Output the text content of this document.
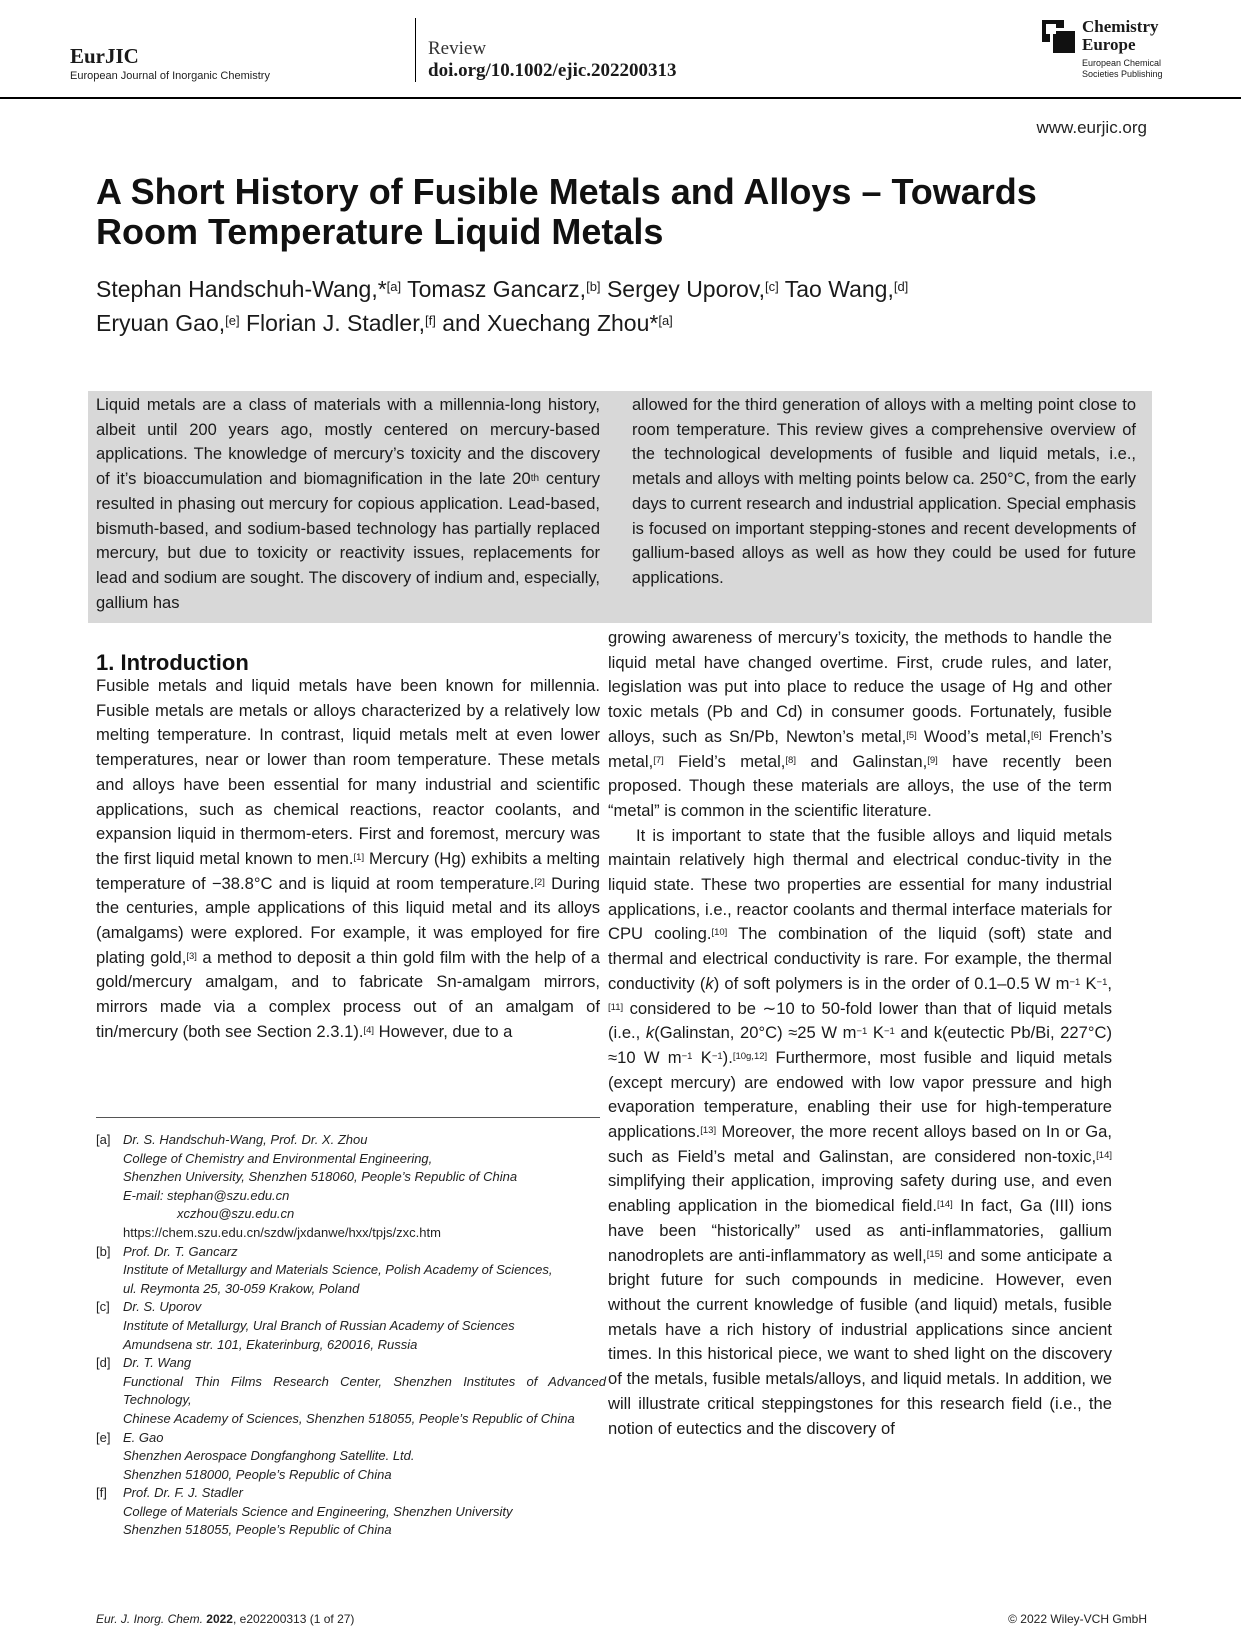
EurJIC
European Journal of Inorganic Chemistry
Review
doi.org/10.1002/ejic.202200313
Chemistry
Europe
European Chemical
Societies Publishing
www.eurjic.org
A Short History of Fusible Metals and Alloys – Towards
Room Temperature Liquid Metals
Stephan Handschuh-Wang,*[a] Tomasz Gancarz,[b] Sergey Uporov,[c] Tao Wang,[d]
Eryuan Gao,[e] Florian J. Stadler,[f] and Xuechang Zhou*[a]
Liquid metals are a class of materials with a millennia-long history, albeit until 200 years ago, mostly centered on mercury-based applications. The knowledge of mercury’s toxicity and the discovery of it’s bioaccumulation and biomagnification in the late 20th century resulted in phasing out mercury for copious application. Lead-based, bismuth-based, and sodium-based technology has partially replaced mercury, but due to toxicity or reactivity issues, replacements for lead and sodium are sought. The discovery of indium and, especially, gallium has
allowed for the third generation of alloys with a melting point close to room temperature. This review gives a comprehensive overview of the technological developments of fusible and liquid metals, i.e., metals and alloys with melting points below ca. 250°C, from the early days to current research and industrial application. Special emphasis is focused on important stepping-stones and recent developments of gallium-based alloys as well as how they could be used for future applications.
1. Introduction

Fusible metals and liquid metals have been known for millennia. Fusible metals are metals or alloys characterized by a relatively low melting temperature. In contrast, liquid metals melt at even lower temperatures, near or lower than room temperature. These metals and alloys have been essential for many industrial and scientific applications, such as chemical reactions, reactor coolants, and expansion liquid in thermom-eters. First and foremost, mercury was the first liquid metal known to men.[1] Mercury (Hg) exhibits a melting temperature of −38.8°C and is liquid at room temperature.[2] During the centuries, ample applications of this liquid metal and its alloys (amalgams) were explored. For example, it was employed for fire plating gold,[3] a method to deposit a thin gold film with the help of a gold/mercury amalgam, and to fabricate Sn-amalgam mirrors, mirrors made via a complex process out of an amalgam of tin/mercury (both see Section 2.3.1).[4] However, due to a

growing awareness of mercury’s toxicity, the methods to handle the liquid metal have changed overtime. First, crude rules, and later, legislation was put into place to reduce the usage of Hg and other toxic metals (Pb and Cd) in consumer goods. Fortunately, fusible alloys, such as Sn/Pb, Newton’s metal,[5] Wood’s metal,[6] French’s metal,[7] Field’s metal,[8] and Galinstan,[9] have recently been proposed. Though these materials are alloys, the use of the term “metal” is common in the scientific literature.

It is important to state that the fusible alloys and liquid metals maintain relatively high thermal and electrical conduc-tivity in the liquid state. These two properties are essential for many industrial applications, i.e., reactor coolants and thermal interface materials for CPU cooling.[10] The combination of the liquid (soft) state and thermal and electrical conductivity is rare. For example, the thermal conductivity (k) of soft polymers is in the order of 0.1–0.5 W $m^{-1}$ $K^{-1},[11]$ considered to be ∼10 to 50-fold lower than that of liquid metals (i.e., k(Galinstan, 20°C) ≈25 W $m^{-1}$ $K^{-1}$ and k(eutectic Pb/Bi, 227°C) ≈10 W $m^{-1}$ $K^{-1}).[10g,12]$ Furthermore, most fusible and liquid metals (except mercury) are endowed with low vapor pressure and high evaporation temperature, enabling their use for high-temperature applications.[13] Moreover, the more recent alloys based on In or Ga, such as Field’s metal and Galinstan, are considered non-toxic,[14] simplifying their application, improving safety during use, and even enabling application in the biomedical field.[14] In fact, Ga (III) ions have been “historically” used as anti-inflammatories, gallium nanodroplets are anti-inflammatory as well,[15] and some anticipate a bright future for such compounds in medicine. However, even without the current knowledge of fusible (and liquid) metals, fusible metals have a rich history of industrial applications since ancient times. In this historical piece, we want to shed light on the discovery of the metals, fusible metals/alloys, and liquid metals. In addition, we will illustrate critical steppingstones for this research field (i.e., the notion of eutectics and the discovery of

[a] Dr. S. Handschuh-Wang, Prof. Dr. X. Zhou
College of Chemistry and Environmental Engineering,
Shenzhen University, Shenzhen 518060, People’s Republic of China
E-mail: stephan@szu.edu.cn
xczhou@szu.edu.cn
https://chem.szu.edu.cn/szdw/jxdanwe/hxx/tpjs/zxc.htm
[b] Prof. Dr. T. Gancarz
Institute of Metallurgy and Materials Science, Polish Academy of Sciences,
ul. Reymonta 25, 30-059 Krakow, Poland
[c] Dr. S. Uporov
Institute of Metallurgy, Ural Branch of Russian Academy of Sciences
Amundsena str. 101, Ekaterinburg, 620016, Russia
[d] Dr. T. Wang
Functional Thin Films Research Center, Shenzhen Institutes of Advanced Technology,
Chinese Academy of Sciences, Shenzhen 518055, People’s Republic of China
[e] E. Gao
Shenzhen Aerospace Dongfanghong Satellite. Ltd.
Shenzhen 518000, People’s Republic of China
[f] Prof. Dr. F. J. Stadler
College of Materials Science and Engineering, Shenzhen University
Shenzhen 518055, People’s Republic of China
Eur. J. Inorg. Chem. 2022, e202200313 (1 of 27)	© 2022 Wiley-VCH GmbH
